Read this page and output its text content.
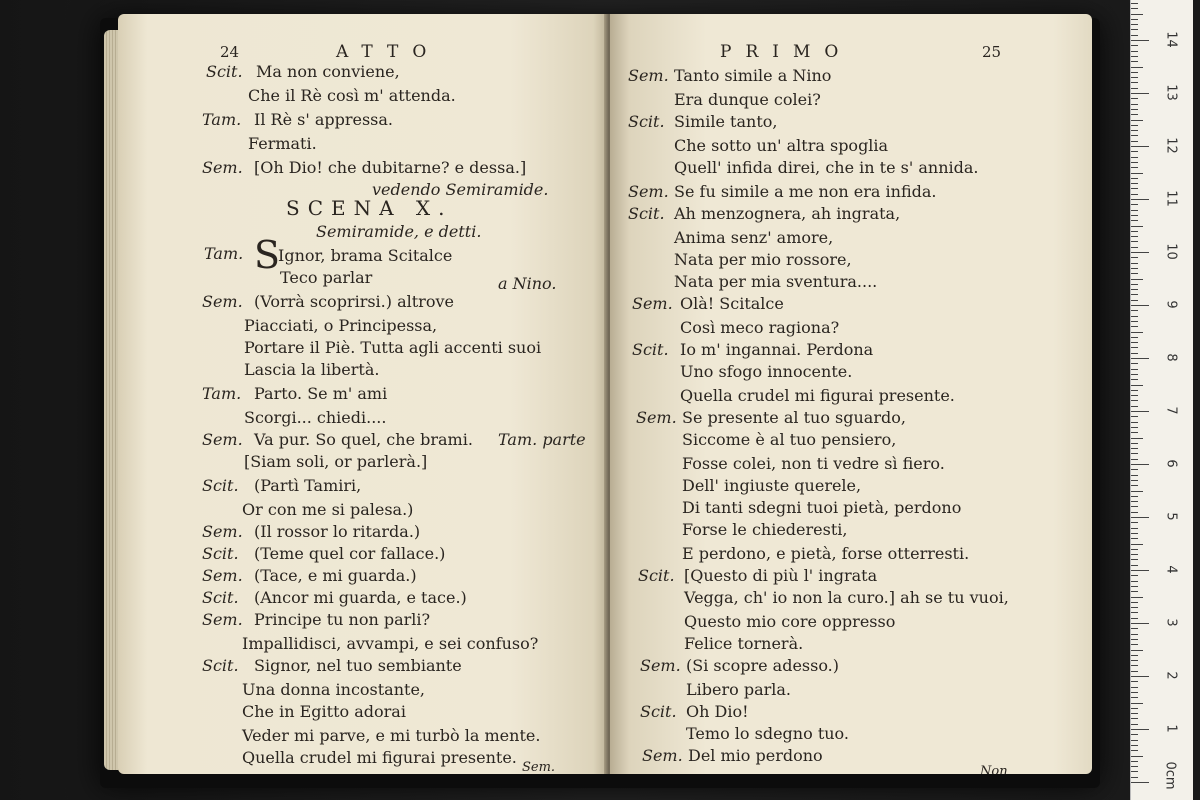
24	ATTO
Scit. Ma non conviene,
Che il Rè così m' attenda.
Tam. Il Rè s' appressa.
Fermati.
Sem. [Oh Dio! che dubitarne? e dessa.]
vedendo Semiramide.
SCENA X.
Semiramide, e detti.
Tam. S
Ignor, brama Scitalce
Teco parlar	a Nino.
Sem. (Vorrà scoprirsi.) altrove
Piacciati, o Principessa,
Portare il Piè. Tutta agli accenti suoi
Lascia la libertà.
Tam. Parto. Se m' ami
Scorgi... chiedi....
Sem. Va pur. So quel, che brami. Tam. parte
[Siam soli, or parlerà.]
Scit. (Partì Tamiri,
Or con me si palesa.)
Sem. (Il rossor lo ritarda.)
Scit. (Teme quel cor fallace.)
Sem. (Tace, e mi guarda.)
Scit. (Ancor mi guarda, e tace.)
Sem. Principe tu non parli?
Impallidisci, avvampi, e sei confuso?
Scit. Signor, nel tuo sembiante
Una donna incostante,
Che in Egitto adorai
Veder mi parve, e mi turbò la mente.
Quella crudel mi figurai presente.
Sem.
PRIMO	25
Sem. Tanto simile a Nino
Era dunque colei?
Scit. Simile tanto,
Che sotto un' altra spoglia
Quell' infida direi, che in te s' annida.
Sem. Se fu simile a me non era infida.
Scit. Ah menzognera, ah ingrata,
Anima senz' amore,
Nata per mio rossore,
Nata per mia sventura....
Sem. Olà! Scitalce
Così meco ragiona?
Scit. Io m' ingannai. Perdona
Uno sfogo innocente.
Quella crudel mi figurai presente.
Sem. Se presente al tuo sguardo,
Siccome è al tuo pensiero,
Fosse colei, non ti vedre sì fiero.
Dell' ingiuste querele,
Di tanti sdegni tuoi pietà, perdono
Forse le chiederesti,
E perdono, e pietà, forse otterresti.
Scit. [Questo di più l' ingrata
Vegga, ch' io non la curo.] ah se tu vuoi,
Questo mio core oppresso
Felice tornerà.
Sem. (Si scopre adesso.)
Libero parla.
Scit. Oh Dio!
Temo lo sdegno tuo.
Sem. Del mio perdono
Non	0cm
1
2
3
4
5
6
7
8
9
10
11
12
13
14
